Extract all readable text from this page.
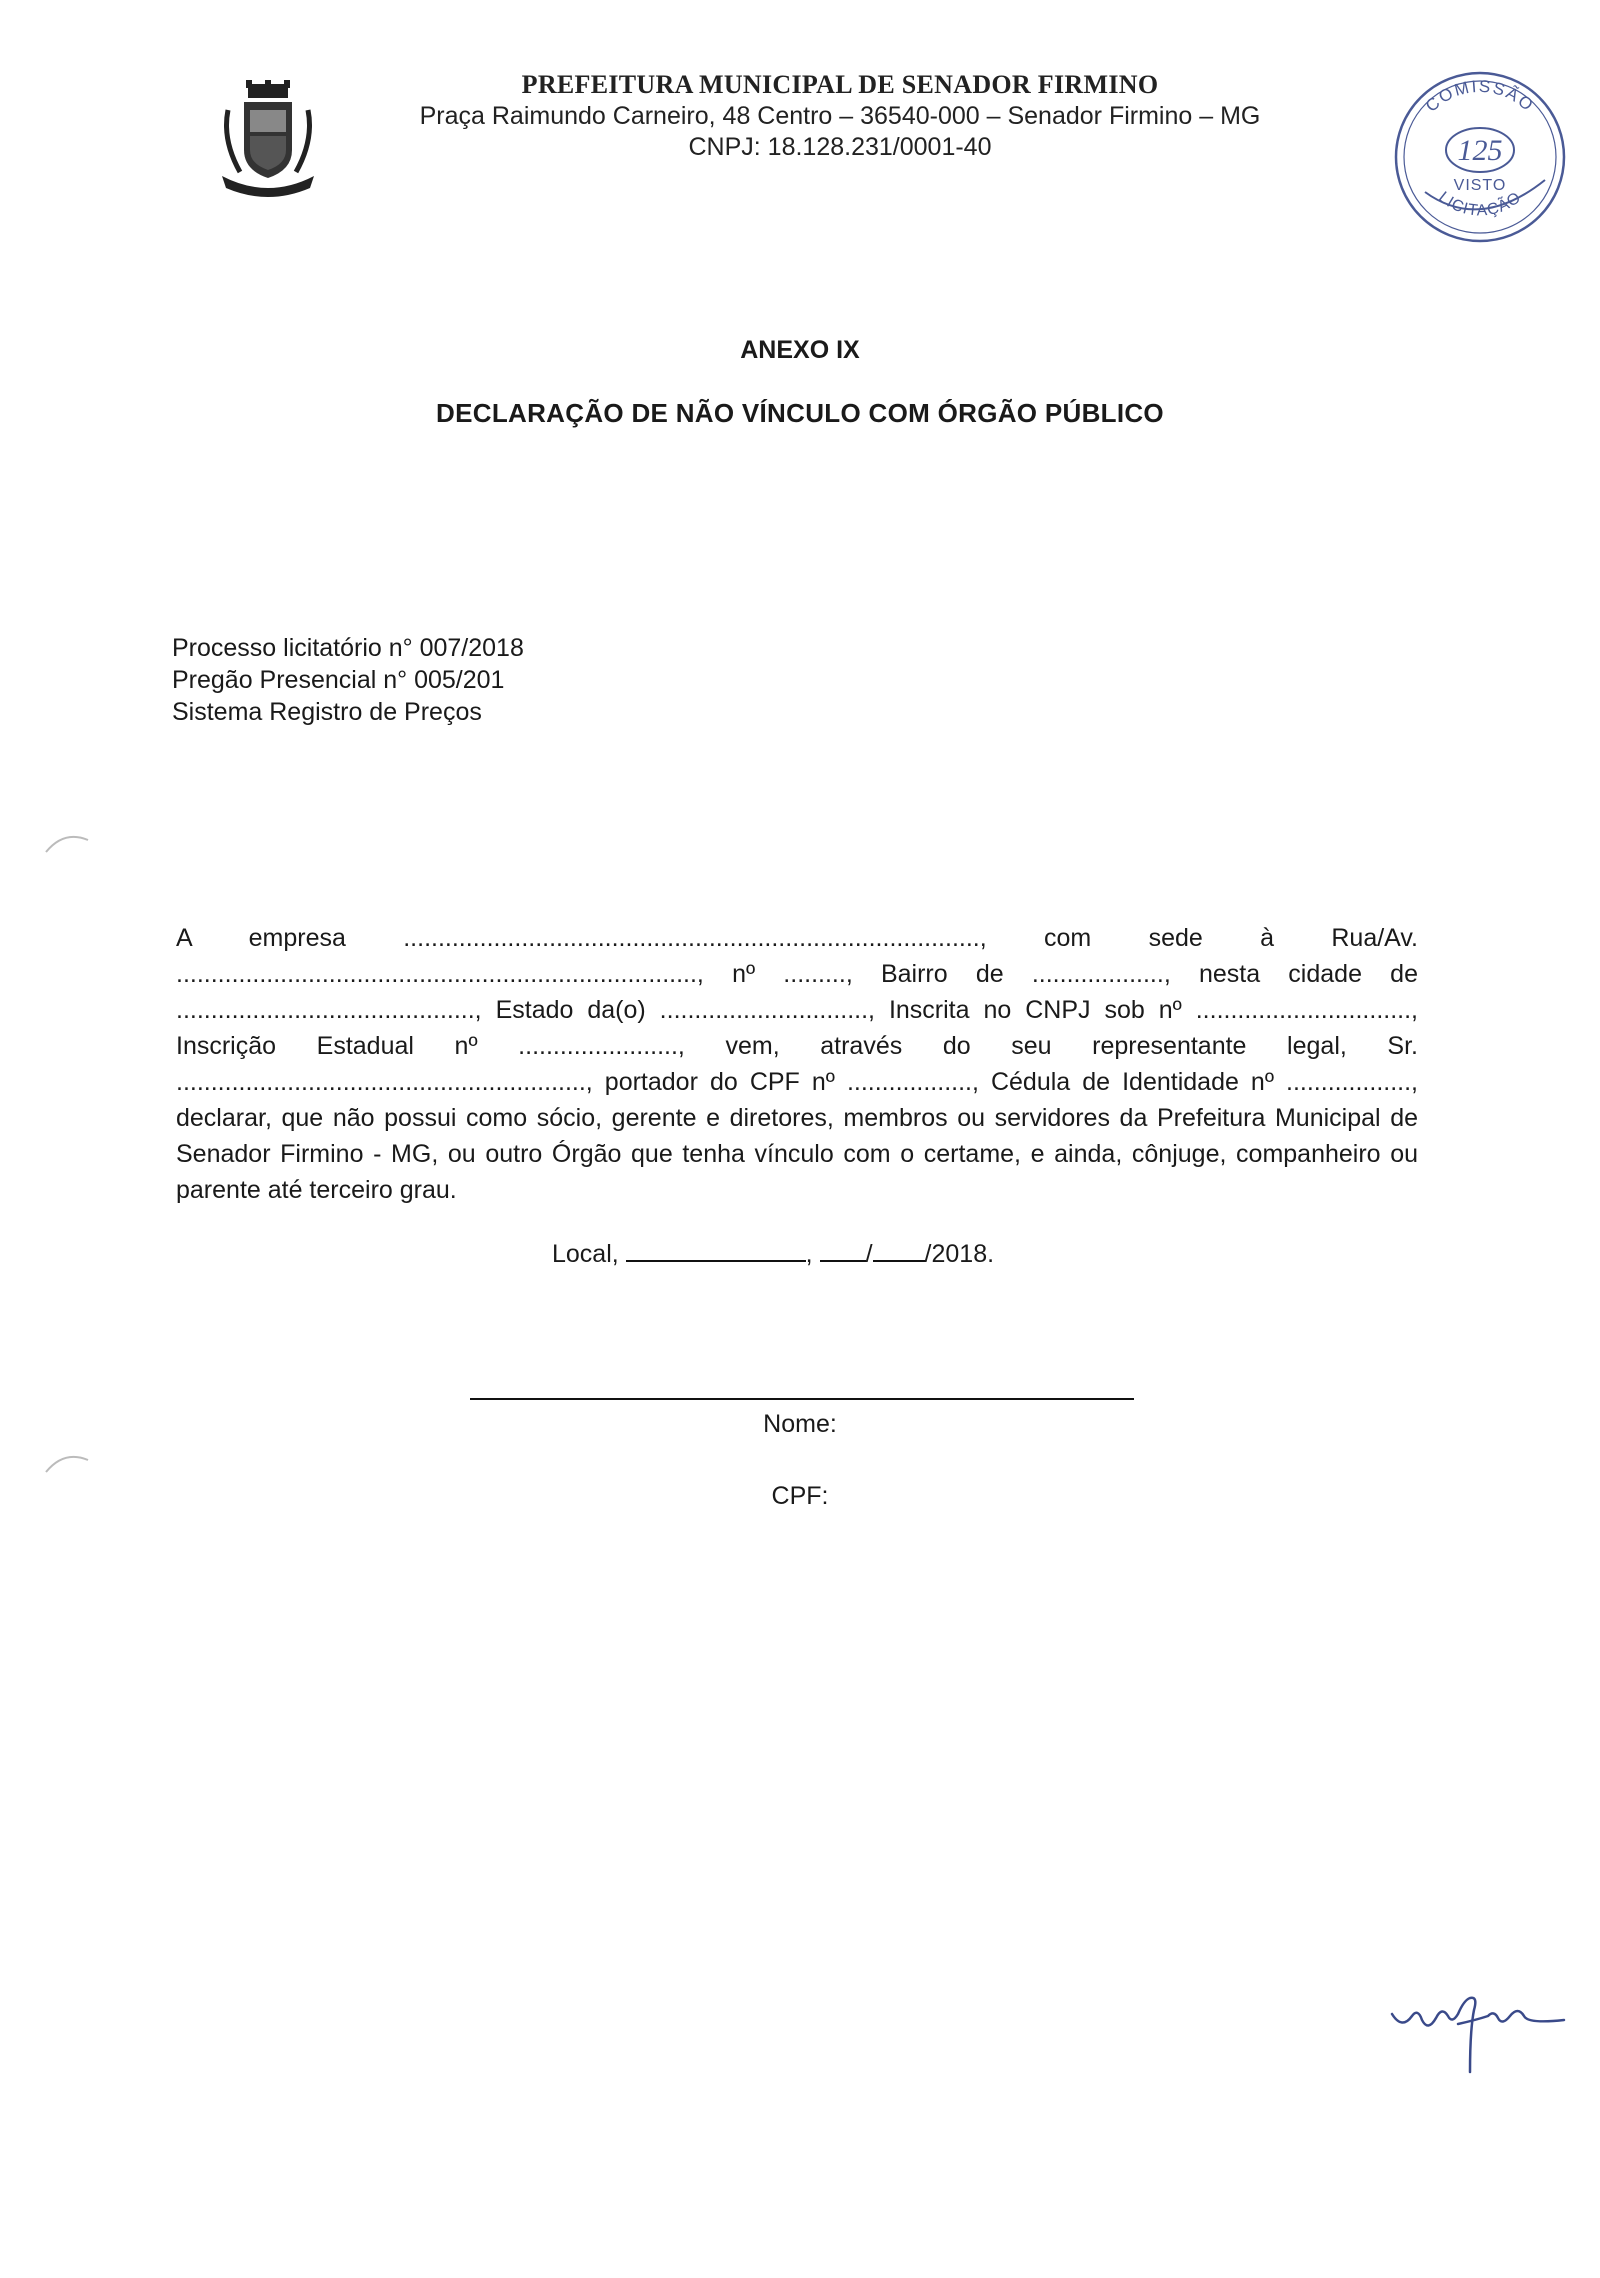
PREFEITURA MUNICIPAL DE SENADOR FIRMINO
Praça Raimundo Carneiro, 48 Centro – 36540-000 – Senador Firmino – MG
CNPJ: 18.128.231/0001-40
COMISSÃO
125
VISTO
LICITAÇÃO
ANEXO IX
DECLARAÇÃO DE NÃO VÍNCULO COM ÓRGÃO PÚBLICO
Processo licitatório n° 007/2018
Pregão Presencial n° 005/201
Sistema Registro de Preços
A empresa ..................................................................................., com sede à Rua/Av. ..........................................................................., nº ........., Bairro de ..................., nesta cidade de ..........................................., Estado da(o) .............................., Inscrita no CNPJ sob nº ..............................., Inscrição Estadual nº ......................., vem, através do seu representante legal, Sr. ..........................................................., portador do CPF nº .................., Cédula de Identidade nº .................., declarar, que não possui como sócio, gerente e diretores, membros ou servidores da Prefeitura Municipal de Senador Firmino - MG, ou outro Órgão que tenha vínculo com o certame, e ainda, cônjuge, companheiro ou parente até terceiro grau.
Local,	, / /2018.
Nome:
CPF:
